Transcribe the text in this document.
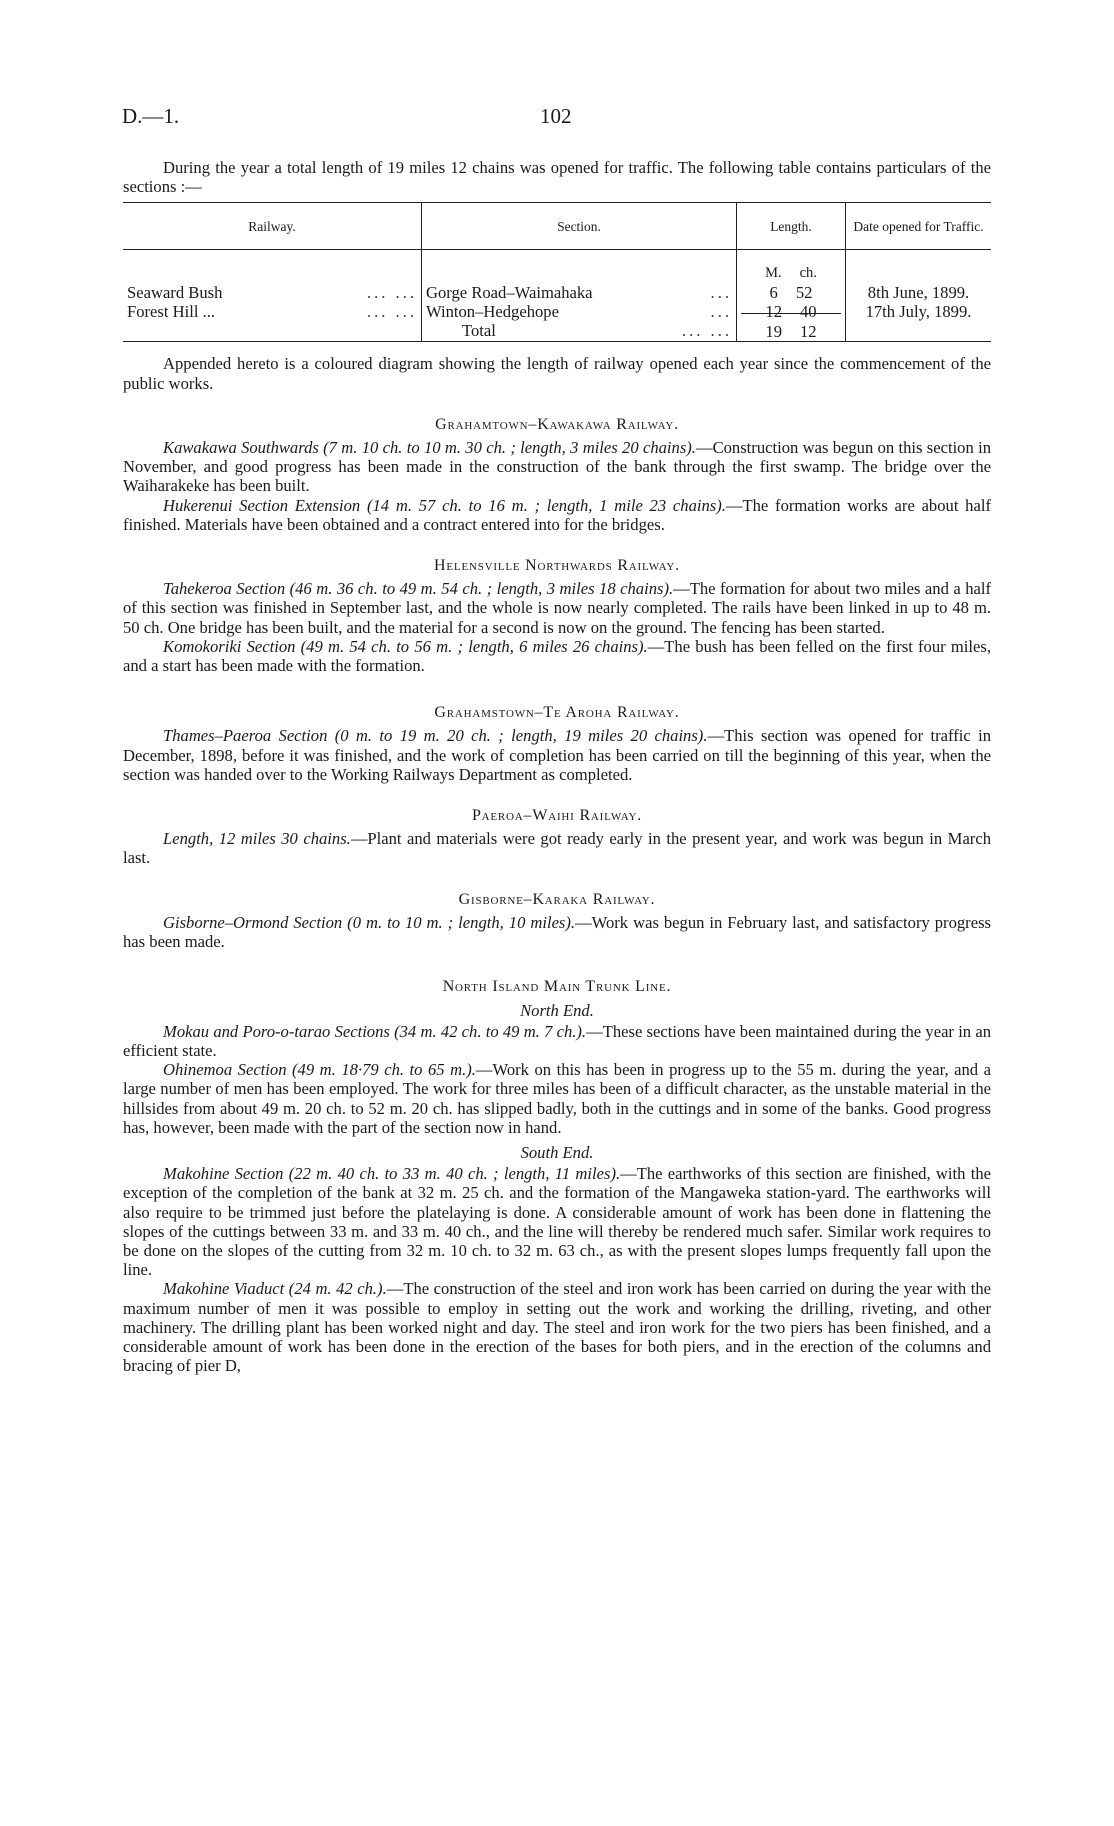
D.—1.	102

During the year a total length of 19 miles 12 chains was opened for traffic. The following table contains particulars of the sections :—

Railway.	Section.	Length.	Date opened for Traffic.

		M. ch.	

Seaward Bush ... ...	Gorge Road–Waimahaka ...	6 52	8th June, 1899.
Forest Hill ... ... ...	Winton–Hedgehope ...	12 40	17th July, 1899.
	Total ... ...	19 12	

Appended hereto is a coloured diagram showing the length of railway opened each year since the commencement of the public works.

Grahamtown–Kawakawa Railway.

Kawakawa Southwards (7 m. 10 ch. to 10 m. 30 ch. ; length, 3 miles 20 chains).—Construction was begun on this section in November, and good progress has been made in the construction of the bank through the first swamp. The bridge over the Waiharakeke has been built.

Hukerenui Section Extension (14 m. 57 ch. to 16 m. ; length, 1 mile 23 chains).—The formation works are about half finished. Materials have been obtained and a contract entered into for the bridges.

Helensville Northwards Railway.

Tahekeroa Section (46 m. 36 ch. to 49 m. 54 ch. ; length, 3 miles 18 chains).—The formation for about two miles and a half of this section was finished in September last, and the whole is now nearly completed. The rails have been linked in up to 48 m. 50 ch. One bridge has been built, and the material for a second is now on the ground. The fencing has been started.

Komokoriki Section (49 m. 54 ch. to 56 m. ; length, 6 miles 26 chains).—The bush has been felled on the first four miles, and a start has been made with the formation.

Grahamstown–Te Aroha Railway.

Thames–Paeroa Section (0 m. to 19 m. 20 ch. ; length, 19 miles 20 chains).—This section was opened for traffic in December, 1898, before it was finished, and the work of completion has been carried on till the beginning of this year, when the section was handed over to the Working Railways Department as completed.

Paeroa–Waihi Railway.

Length, 12 miles 30 chains.—Plant and materials were got ready early in the present year, and work was begun in March last.

Gisborne–Karaka Railway.

Gisborne–Ormond Section (0 m. to 10 m. ; length, 10 miles).—Work was begun in February last, and satisfactory progress has been made.

North Island Main Trunk Line.
North End.

Mokau and Poro-o-tarao Sections (34 m. 42 ch. to 49 m. 7 ch.).—These sections have been maintained during the year in an efficient state.

Ohinemoa Section (49 m. 18·79 ch. to 65 m.).—Work on this has been in progress up to the 55 m. during the year, and a large number of men has been employed. The work for three miles has been of a difficult character, as the unstable material in the hillsides from about 49 m. 20 ch. to 52 m. 20 ch. has slipped badly, both in the cuttings and in some of the banks. Good progress has, however, been made with the part of the section now in hand.

South End.

Makohine Section (22 m. 40 ch. to 33 m. 40 ch. ; length, 11 miles).—The earthworks of this section are finished, with the exception of the completion of the bank at 32 m. 25 ch. and the formation of the Mangaweka station-yard. The earthworks will also require to be trimmed just before the platelaying is done. A considerable amount of work has been done in flattening the slopes of the cuttings between 33 m. and 33 m. 40 ch., and the line will thereby be rendered much safer. Similar work requires to be done on the slopes of the cutting from 32 m. 10 ch. to 32 m. 63 ch., as with the present slopes lumps frequently fall upon the line.

Makohine Viaduct (24 m. 42 ch.).—The construction of the steel and iron work has been carried on during the year with the maximum number of men it was possible to employ in setting out the work and working the drilling, riveting, and other machinery. The drilling plant has been worked night and day. The steel and iron work for the two piers has been finished, and a considerable amount of work has been done in the erection of the bases for both piers, and in the erection of the columns and bracing of pier D,
